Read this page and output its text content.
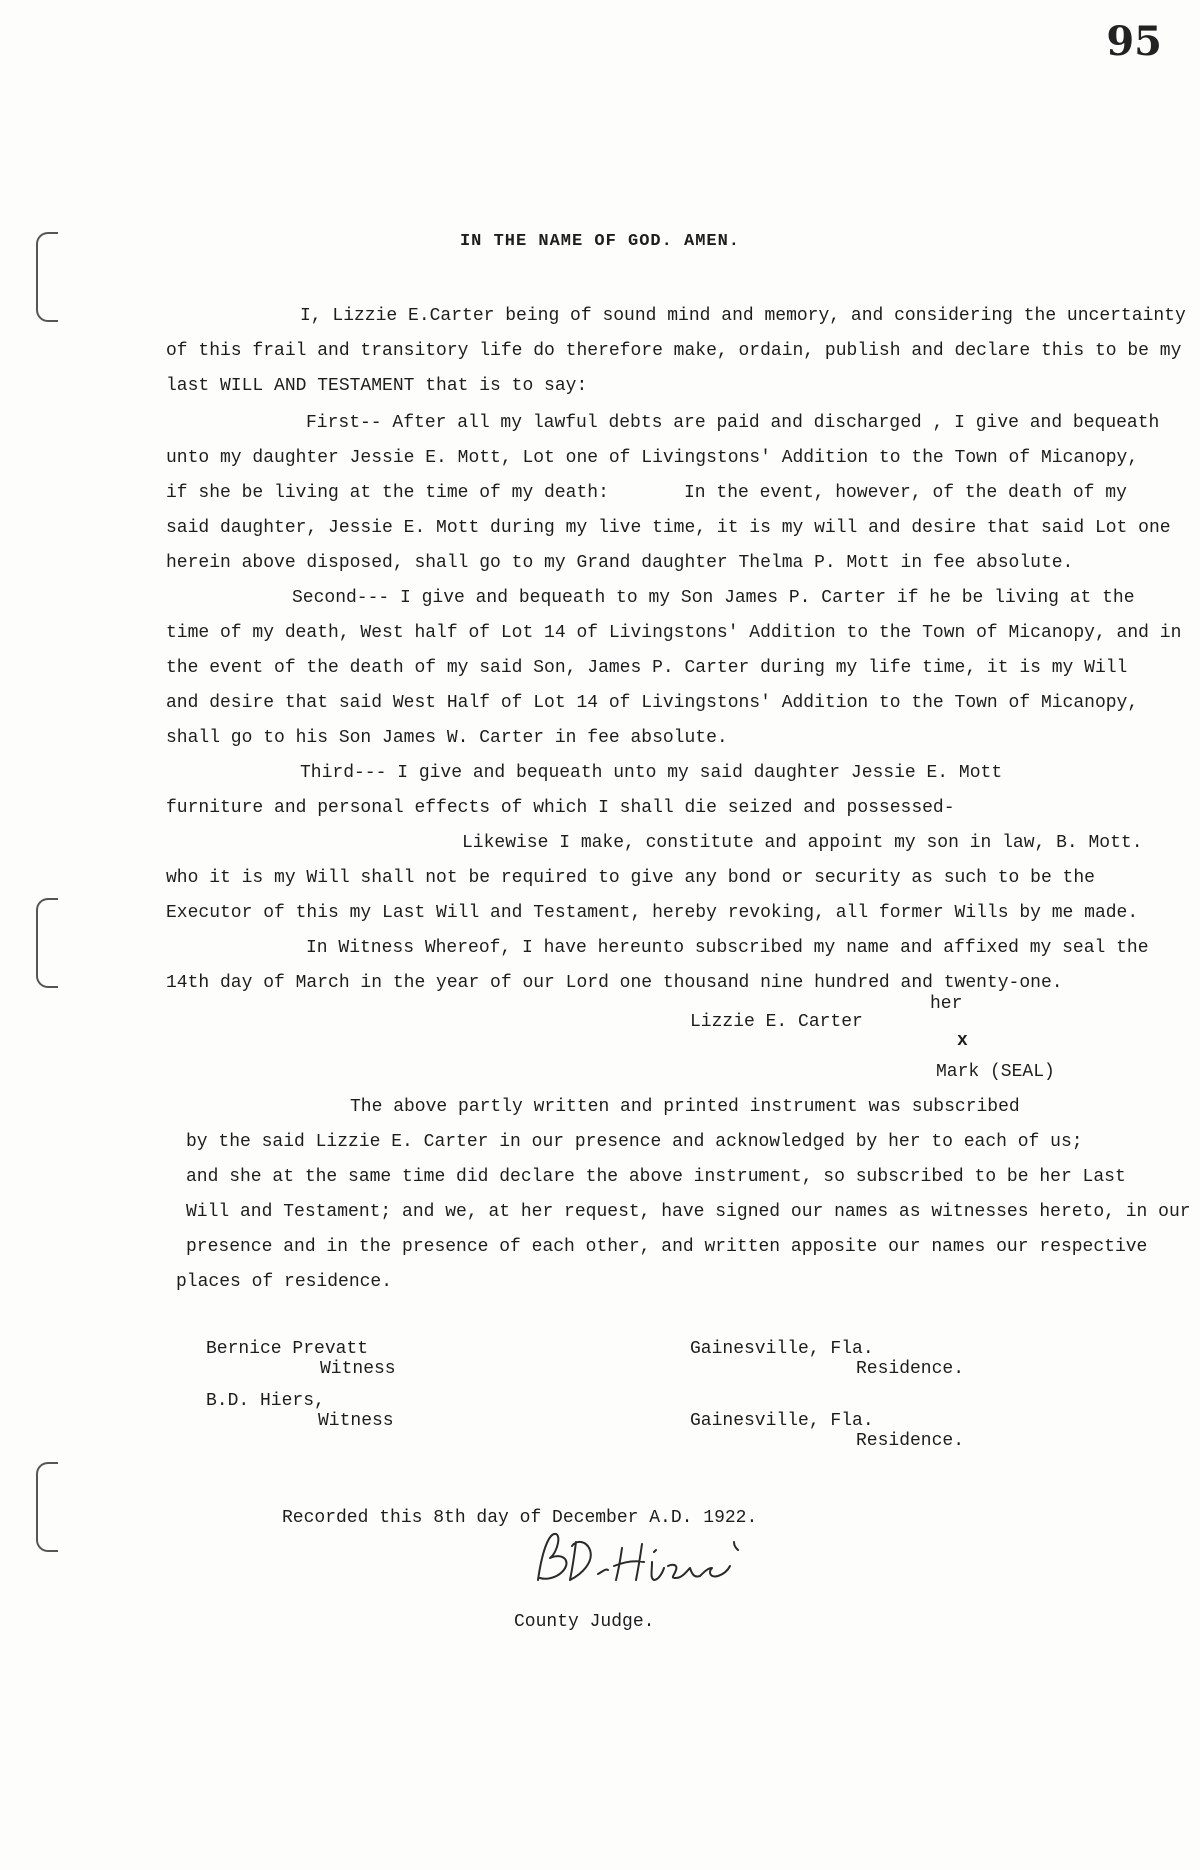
95
IN THE NAME OF GOD. AMEN.
I, Lizzie E.Carter being of sound mind and memory, and considering the uncertainty
of this frail and transitory life do therefore make, ordain, publish and declare this to be my
last WILL AND TESTAMENT that is to say:
First-- After all my lawful debts are paid and discharged , I give and bequeath
unto my daughter Jessie E. Mott, Lot one of Livingstons' Addition to the Town of Micanopy,
if she be living at the time of my death:	In the event, however, of the death of my
said daughter, Jessie E. Mott during my live time, it is my will and desire that said Lot one
herein above disposed, shall go to my Grand daughter Thelma P. Mott in fee absolute.
Second--- I give and bequeath to my Son James P. Carter if he be living at the
time of my death, West half of Lot 14 of Livingstons' Addition to the Town of Micanopy, and in
the event of the death of my said Son, James P. Carter during my life time, it is my Will
and desire that said West Half of Lot 14 of Livingstons' Addition to the Town of Micanopy,
shall go to his Son James W. Carter in fee absolute.
Third--- I give and bequeath unto my said daughter Jessie E. Mott
furniture and personal effects of which I shall die seized and possessed-
Likewise I make, constitute and appoint my son in law, B. Mott.
who it is my Will shall not be required to give any bond or security as such to be the
Executor of this my Last Will and Testament, hereby revoking, all former Wills by me made.
In Witness Whereof, I have hereunto subscribed my name and affixed my seal the
14th day of March in the year of our Lord one thousand nine hundred and twenty-one.
her
Lizzie E. Carter
x
Mark (SEAL)
The above partly written and printed instrument was subscribed
by the said Lizzie E. Carter in our presence and acknowledged by her to each of us;
and she at the same time did declare the above instrument, so subscribed to be her Last
Will and Testament; and we, at her request, have signed our names as witnesses hereto, in our
presence and in the presence of each other, and written apposite our names our respective
places of residence.
Bernice Prevatt
Witness
Gainesville, Fla.
Residence.
B.D. Hiers,
Witness	Gainesville, Fla.
Residence.
Recorded this 8th day of December A.D. 1922.
County Judge.
